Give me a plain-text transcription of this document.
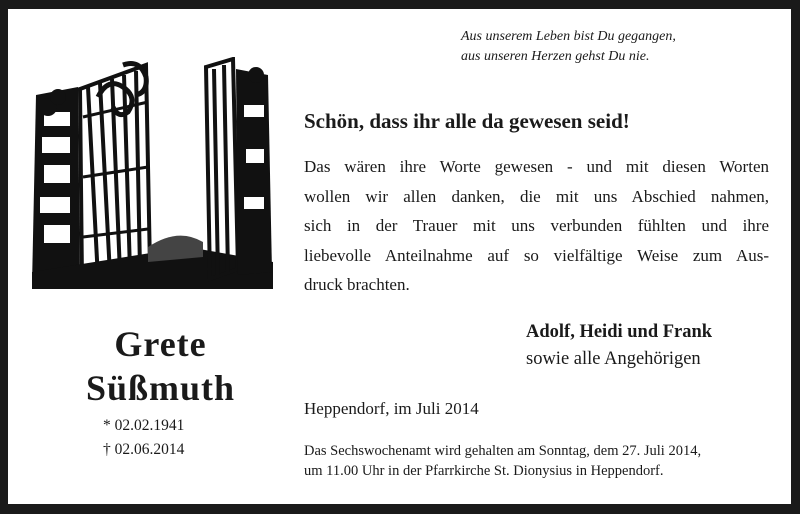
Aus unserem Leben bist Du gegangen,
aus unseren Herzen gehst Du nie.
Schön, dass ihr alle da gewesen seid!
Das wären ihre Worte gewesen - und mit diesen Worten
wollen wir allen danken, die mit uns Abschied nahmen,
sich in der Trauer mit uns verbunden fühlten und ihre
liebevolle Anteilnahme auf so vielfältige Weise zum Aus-
druck brachten.
Adolf, Heidi und Frank
sowie alle Angehörigen
Grete
Süßmuth
* 02.02.1941
† 02.06.2014
Heppendorf, im Juli 2014
Das Sechswochenamt wird gehalten am Sonntag, dem 27. Juli 2014,
um 11.00 Uhr in der Pfarrkirche St. Dionysius in Heppendorf.
